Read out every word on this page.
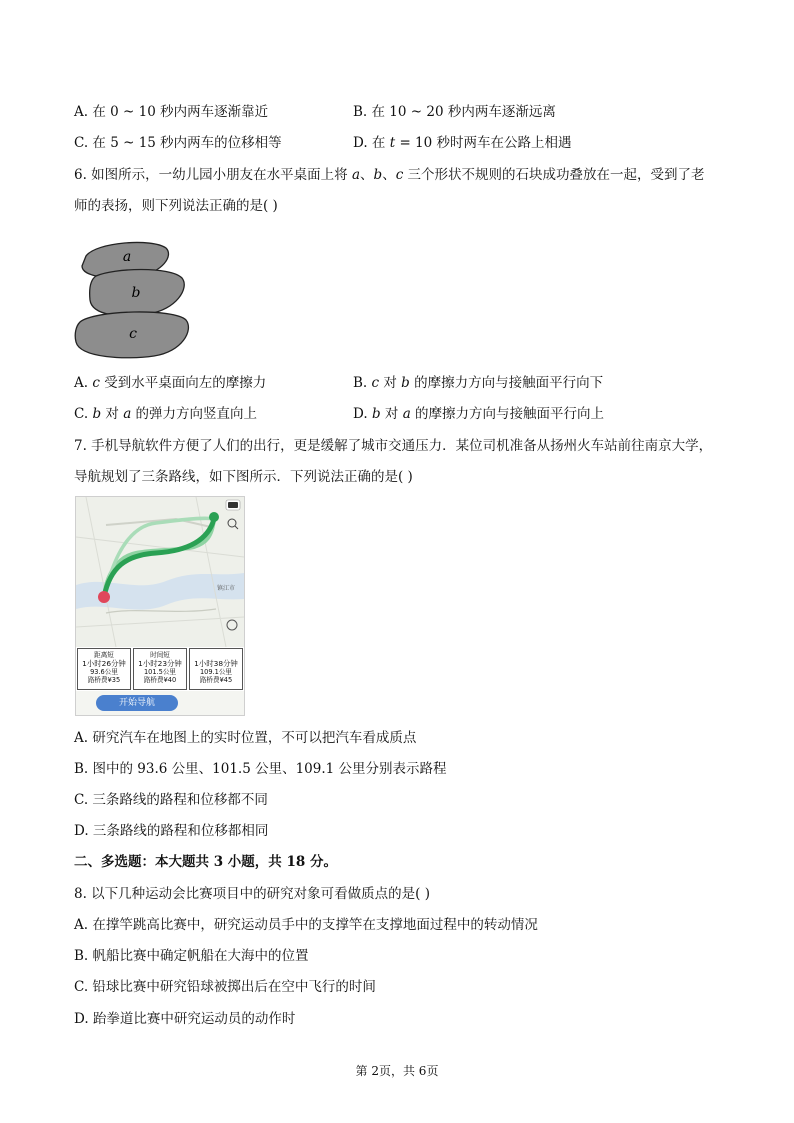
A. 在 0 ~ 10 秒内两车逐渐靠近	B. 在 10 ~ 20 秒内两车逐渐远离
C. 在 5 ~ 15 秒内两车的位移相等	D. 在 t = 10 秒时两车在公路上相遇
6. 如图所示，一幼儿园小朋友在水平桌面上将 a、b、c 三个形状不规则的石块成功叠放在一起，受到了老
师的表扬，则下列说法正确的是( )
a
b
c
A. c 受到水平桌面向左的摩擦力	B. c 对 b 的摩擦力方向与接触面平行向下
C. b 对 a 的弹力方向竖直向上	D. b 对 a 的摩擦力方向与接触面平行向上
7. 手机导航软件方便了人们的出行，更是缓解了城市交通压力．某位司机准备从扬州火车站前往南京大学，
导航规划了三条路线，如下图所示．下列说法正确的是( )
镇江市
距离短
1小时26分钟
93.6公里
路桥费¥35
时间短
1小时23分钟
101.5公里
路桥费¥40

1小时38分钟
109.1公里
路桥费¥45
开始导航
A. 研究汽车在地图上的实时位置，不可以把汽车看成质点
B. 图中的 93.6 公里、101.5 公里、109.1 公里分别表示路程
C. 三条路线的路程和位移都不同
D. 三条路线的路程和位移都相同
二、多选题：本大题共 3 小题，共 18 分。
8. 以下几种运动会比赛项目中的研究对象可看做质点的是( )
A. 在撑竿跳高比赛中，研究运动员手中的支撑竿在支撑地面过程中的转动情况
B. 帆船比赛中确定帆船在大海中的位置
C. 铅球比赛中研究铅球被掷出后在空中飞行的时间
D. 跆拳道比赛中研究运动员的动作时
第 2页，共 6页
